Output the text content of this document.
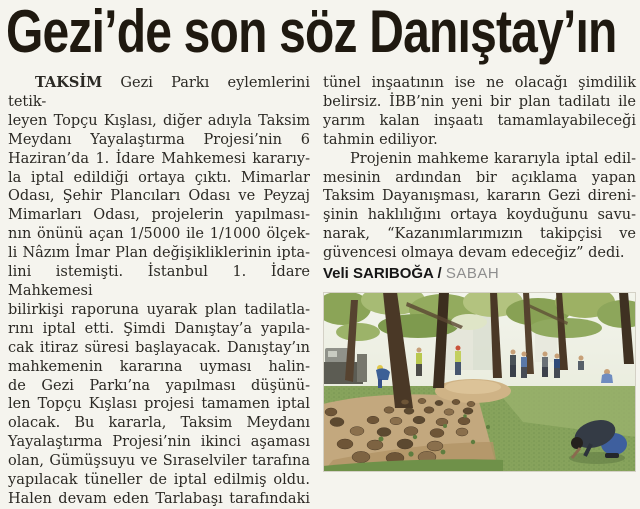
Gezi’de son söz Danıştay’ın
TAKSİM Gezi Parkı eylemlerini tetik-
leyen Topçu Kışlası, diğer adıyla Taksim
Meydanı Yayalaştırma Projesi’nin 6
Haziran’da 1. İdare Mahkemesi kararıy-
la iptal edildiği ortaya çıktı. Mimarlar
Odası, Şehir Plancıları Odası ve Peyzaj
Mimarları Odası, projelerin yapılması-
nın önünü açan 1/5000 ile 1/1000 ölçek-
li Nâzım İmar Plan değişikliklerinin ipta-
lini istemişti. İstanbul 1. İdare Mahkemesi
bilirkişi raporuna uyarak plan tadilatla-
rını iptal etti. Şimdi Danıştay’a yapıla-
cak itiraz süresi başlayacak. Danıştay’ın
mahkemenin kararına uyması halin-
de Gezi Parkı’na yapılması düşünü-
len Topçu Kışlası projesi tamamen iptal
olacak. Bu kararla, Taksim Meydanı
Yayalaştırma Projesi’nin ikinci aşaması
olan, Gümüşsuyu ve Sıraselviler tarafına
yapılacak tüneller de iptal edilmiş oldu.
Halen devam eden Tarlabaşı tarafındaki
tünel inşaatının ise ne olacağı şimdilik
belirsiz. İBB’nin yeni bir plan tadilatı ile
yarım kalan inşaatı tamamlayabileceği
tahmin ediliyor.
Projenin mahkeme kararıyla iptal edil-
mesinin ardından bir açıklama yapan
Taksim Dayanışması, kararın Gezi direni-
şinin haklılığını ortaya koyduğunu savu-
narak, “Kazanımlarımızın takipçisi ve
güvencesi olmaya devam edeceğiz” dedi.
Veli SARIBOĞA / SABAH
